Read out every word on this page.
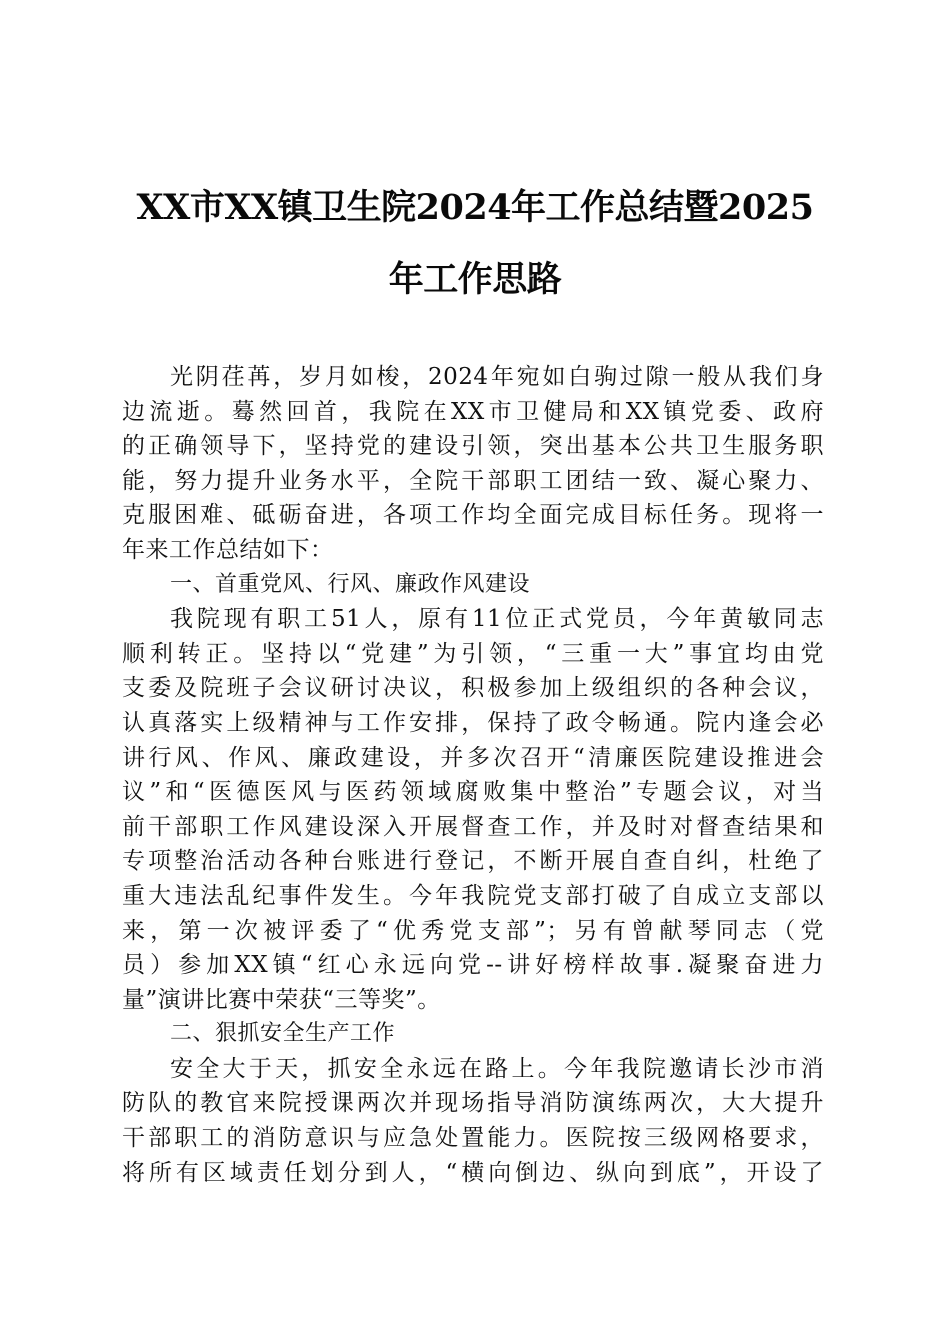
XX市XX镇卫生院2024年工作总结暨2025
年工作思路
光阴荏苒，岁月如梭，2024年宛如白驹过隙一般从我们身
边流逝。蓦然回首，我院在XX市卫健局和XX镇党委、政府
的正确领导下，坚持党的建设引领，突出基本公共卫生服务职
能，努力提升业务水平，全院干部职工团结一致、凝心聚力、
克服困难、砥砺奋进，各项工作均全面完成目标任务。现将一
年来工作总结如下：
一、首重党风、行风、廉政作风建设
我院现有职工51人，原有11位正式党员，今年黄敏同志
顺利转正。坚持以“党建”为引领，“三重一大”事宜均由党
支委及院班子会议研讨决议，积极参加上级组织的各种会议，
认真落实上级精神与工作安排，保持了政令畅通。院内逢会必
讲行风、作风、廉政建设，并多次召开“清廉医院建设推进会
议”和“医德医风与医药领域腐败集中整治”专题会议，对当
前干部职工作风建设深入开展督查工作，并及时对督查结果和
专项整治活动各种台账进行登记，不断开展自查自纠，杜绝了
重大违法乱纪事件发生。今年我院党支部打破了自成立支部以
来，第一次被评委了“优秀党支部”；另有曾献琴同志（党
员）参加XX镇“红心永远向党--讲好榜样故事.凝聚奋进力
量”演讲比赛中荣获“三等奖”。
二、狠抓安全生产工作
安全大于天，抓安全永远在路上。今年我院邀请长沙市消
防队的教官来院授课两次并现场指导消防演练两次，大大提升
干部职工的消防意识与应急处置能力。医院按三级网格要求，
将所有区域责任划分到人，“横向倒边、纵向到底”，开设了
